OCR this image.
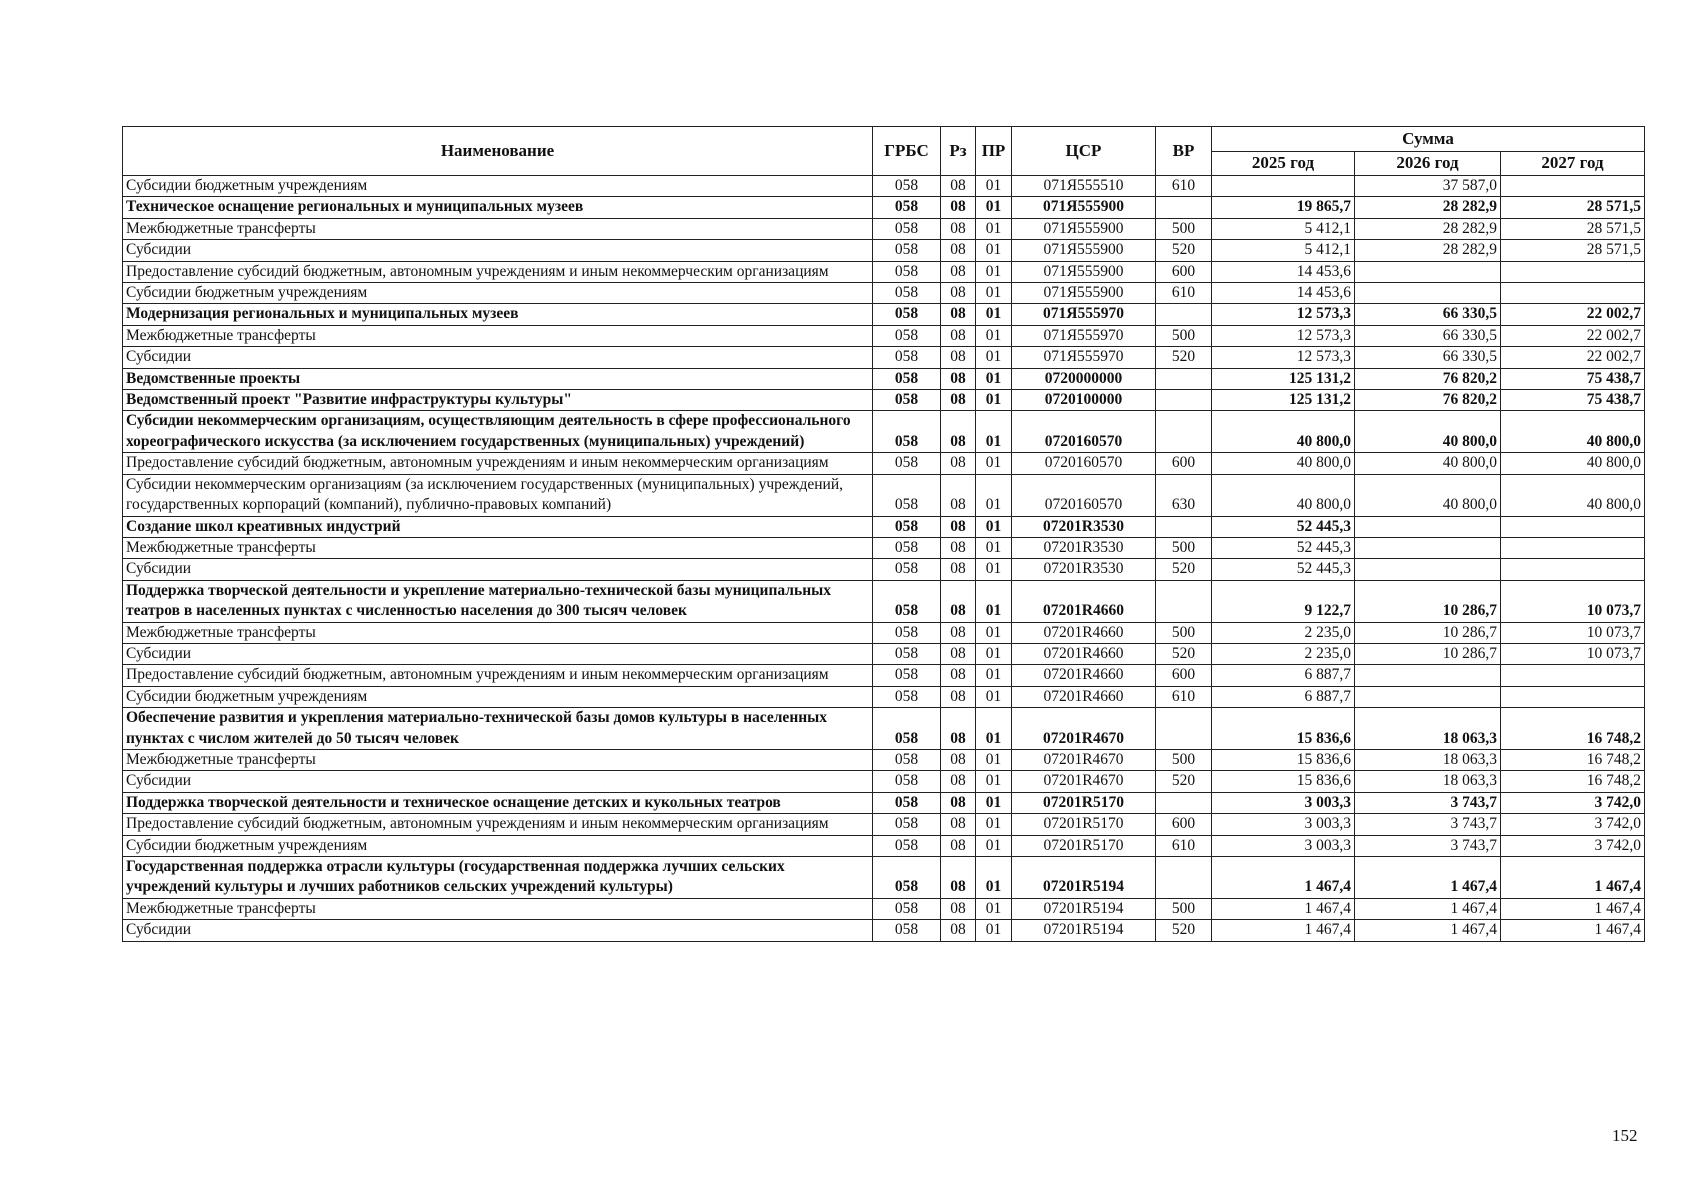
Наименование	ГРБС	Рз	ПР	ЦСР	ВР	Сумма		
						2025 год	2026 год	2027 год
Субсидии бюджетным учреждениям	058	08	01	071Я555510	610		37 587,0	
Техническое оснащение региональных и муниципальных музеев	058	08	01	071Я555900		19 865,7	28 282,9	28 571,5
Межбюджетные трансферты	058	08	01	071Я555900	500	5 412,1	28 282,9	28 571,5
Субсидии	058	08	01	071Я555900	520	5 412,1	28 282,9	28 571,5
Предоставление субсидий бюджетным, автономным учреждениям и иным некоммерческим организациям	058	08	01	071Я555900	600	14 453,6		
Субсидии бюджетным учреждениям	058	08	01	071Я555900	610	14 453,6		
Модернизация региональных и муниципальных музеев	058	08	01	071Я555970		12 573,3	66 330,5	22 002,7
Межбюджетные трансферты	058	08	01	071Я555970	500	12 573,3	66 330,5	22 002,7
Субсидии	058	08	01	071Я555970	520	12 573,3	66 330,5	22 002,7
Ведомственные проекты	058	08	01	0720000000		125 131,2	76 820,2	75 438,7
Ведомственный проект "Развитие инфраструктуры культуры"	058	08	01	0720100000		125 131,2	76 820,2	75 438,7
Субсидии некоммерческим организациям, осуществляющим деятельность в сфере профессионального хореографического искусства (за исключением государственных (муниципальных) учреждений)	058	08	01	0720160570		40 800,0	40 800,0	40 800,0
Предоставление субсидий бюджетным, автономным учреждениям и иным некоммерческим организациям	058	08	01	0720160570	600	40 800,0	40 800,0	40 800,0
Субсидии некоммерческим организациям (за исключением государственных (муниципальных) учреждений, государственных корпораций (компаний), публично-правовых компаний)	058	08	01	0720160570	630	40 800,0	40 800,0	40 800,0
Создание школ креативных индустрий	058	08	01	07201R3530		52 445,3		
Межбюджетные трансферты	058	08	01	07201R3530	500	52 445,3		
Субсидии	058	08	01	07201R3530	520	52 445,3		
Поддержка творческой деятельности и укрепление материально-технической базы муниципальных театров в населенных пунктах с численностью населения до 300 тысяч человек	058	08	01	07201R4660		9 122,7	10 286,7	10 073,7
Межбюджетные трансферты	058	08	01	07201R4660	500	2 235,0	10 286,7	10 073,7
Субсидии	058	08	01	07201R4660	520	2 235,0	10 286,7	10 073,7
Предоставление субсидий бюджетным, автономным учреждениям и иным некоммерческим организациям	058	08	01	07201R4660	600	6 887,7		
Субсидии бюджетным учреждениям	058	08	01	07201R4660	610	6 887,7		
Обеспечение развития и укрепления материально-технической базы домов культуры в населенных пунктах с числом жителей до 50 тысяч человек	058	08	01	07201R4670		15 836,6	18 063,3	16 748,2
Межбюджетные трансферты	058	08	01	07201R4670	500	15 836,6	18 063,3	16 748,2
Субсидии	058	08	01	07201R4670	520	15 836,6	18 063,3	16 748,2
Поддержка творческой деятельности и техническое оснащение детских и кукольных театров	058	08	01	07201R5170		3 003,3	3 743,7	3 742,0
Предоставление субсидий бюджетным, автономным учреждениям и иным некоммерческим организациям	058	08	01	07201R5170	600	3 003,3	3 743,7	3 742,0
Субсидии бюджетным учреждениям	058	08	01	07201R5170	610	3 003,3	3 743,7	3 742,0
Государственная поддержка отрасли культуры (государственная поддержка лучших сельских учреждений культуры и лучших работников сельских учреждений культуры)	058	08	01	07201R5194		1 467,4	1 467,4	1 467,4
Межбюджетные трансферты	058	08	01	07201R5194	500	1 467,4	1 467,4	1 467,4
Субсидии	058	08	01	07201R5194	520	1 467,4	1 467,4	1 467,4
152
